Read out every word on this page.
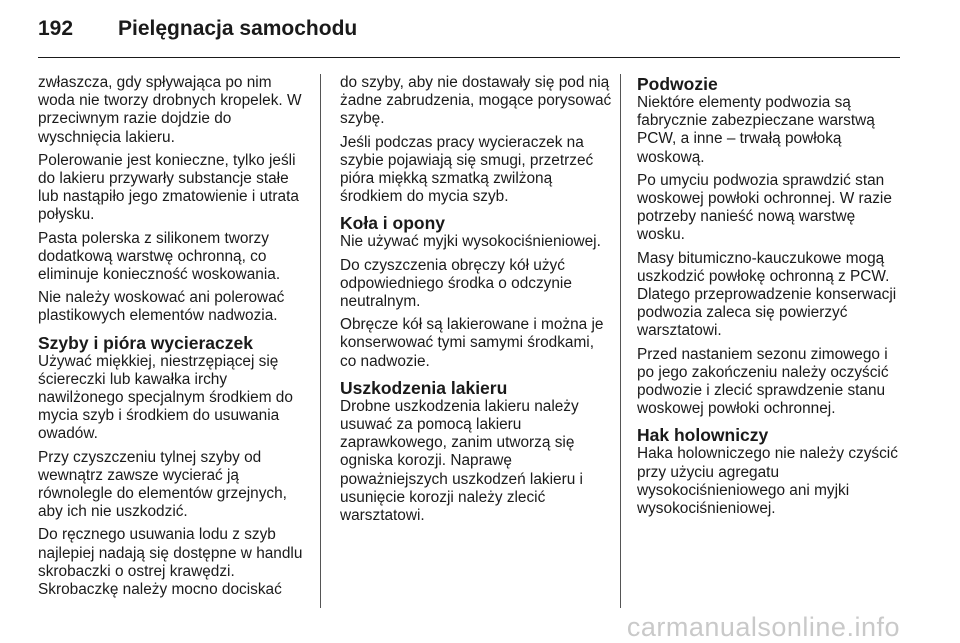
192 Pielęgnacja samochodu

zwłaszcza, gdy spływająca po nim woda nie tworzy drobnych kropelek. W przeciwnym razie dojdzie do wyschnięcia lakieru.

Polerowanie jest konieczne, tylko jeśli do lakieru przywarły substancje stałe lub nastąpiło jego zmatowienie i utrata połysku.

Pasta polerska z silikonem tworzy dodatkową warstwę ochronną, co eliminuje konieczność woskowania.

Nie należy woskować ani polerować plastikowych elementów nadwozia.

Szyby i pióra wycieraczek

Używać miękkiej, niestrzępiącej się ściereczki lub kawałka irchy nawilżonego specjalnym środkiem do mycia szyb i środkiem do usuwania owadów.

Przy czyszczeniu tylnej szyby od wewnątrz zawsze wycierać ją równolegle do elementów grzejnych, aby ich nie uszkodzić.

Do ręcznego usuwania lodu z szyb najlepiej nadają się dostępne w handlu skrobaczki o ostrej krawędzi. Skrobaczkę należy mocno dociskać

do szyby, aby nie dostawały się pod nią żadne zabrudzenia, mogące porysować szybę.

Jeśli podczas pracy wycieraczek na szybie pojawiają się smugi, przetrzeć pióra miękką szmatką zwilżoną środkiem do mycia szyb.

Koła i opony

Nie używać myjki wysokociśnieniowej.

Do czyszczenia obręczy kół użyć odpowiedniego środka o odczynie neutralnym.

Obręcze kół są lakierowane i można je konserwować tymi samymi środkami, co nadwozie.

Uszkodzenia lakieru

Drobne uszkodzenia lakieru należy usuwać za pomocą lakieru zaprawkowego, zanim utworzą się ogniska korozji. Naprawę poważniejszych uszkodzeń lakieru i usunięcie korozji należy zlecić warsztatowi.

Podwozie

Niektóre elementy podwozia są fabrycznie zabezpieczane warstwą PCW, a inne – trwałą powłoką woskową.

Po umyciu podwozia sprawdzić stan woskowej powłoki ochronnej. W razie potrzeby nanieść nową warstwę wosku.

Masy bitumiczno-kauczukowe mogą uszkodzić powłokę ochronną z PCW. Dlatego przeprowadzenie konserwacji podwozia zaleca się powierzyć warsztatowi.

Przed nastaniem sezonu zimowego i po jego zakończeniu należy oczyścić podwozie i zlecić sprawdzenie stanu woskowej powłoki ochronnej.

Hak holowniczy

Haka holowniczego nie należy czyścić przy użyciu agregatu wysokociśnieniowego ani myjki wysokociśnieniowej.

carmanualsonline.info
